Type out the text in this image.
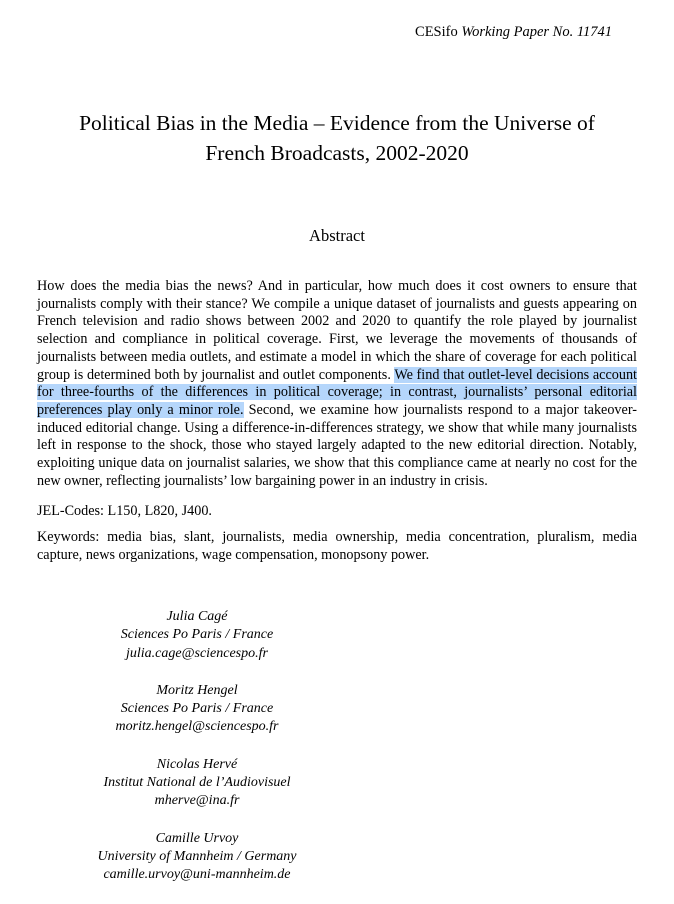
CESifo Working Paper No. 11741
Political Bias in the Media – Evidence from the Universe of French Broadcasts, 2002-2020
Abstract

How does the media bias the news? And in particular, how much does it cost owners to ensure that journalists comply with their stance? We compile a unique dataset of journalists and guests appearing on French television and radio shows between 2002 and 2020 to quantify the role played by journalist selection and compliance in political coverage. First, we leverage the movements of thousands of journalists between media outlets, and estimate a model in which the share of coverage for each political group is determined both by journalist and outlet components. We find that outlet-level decisions account for three-fourths of the differences in political coverage; in contrast, journalists’ personal editorial preferences play only a minor role. Second, we examine how journalists respond to a major takeover-induced editorial change. Using a difference-in-differences strategy, we show that while many journalists left in response to the shock, those who stayed largely adapted to the new editorial direction. Notably, exploiting unique data on journalist salaries, we show that this compliance came at nearly no cost for the new owner, reflecting journalists’ low bargaining power in an industry in crisis.

JEL-Codes: L150, L820, J400.

Keywords: media bias, slant, journalists, media ownership, media concentration, pluralism, media capture, news organizations, wage compensation, monopsony power.

Julia Cagé
Sciences Po Paris / France
julia.cage@sciencespo.fr
Moritz Hengel
Sciences Po Paris / France
moritz.hengel@sciencespo.fr
Nicolas Hervé
Institut National de l’Audiovisuel
mherve@ina.fr
Camille Urvoy
University of Mannheim / Germany
camille.urvoy@uni-mannheim.de
